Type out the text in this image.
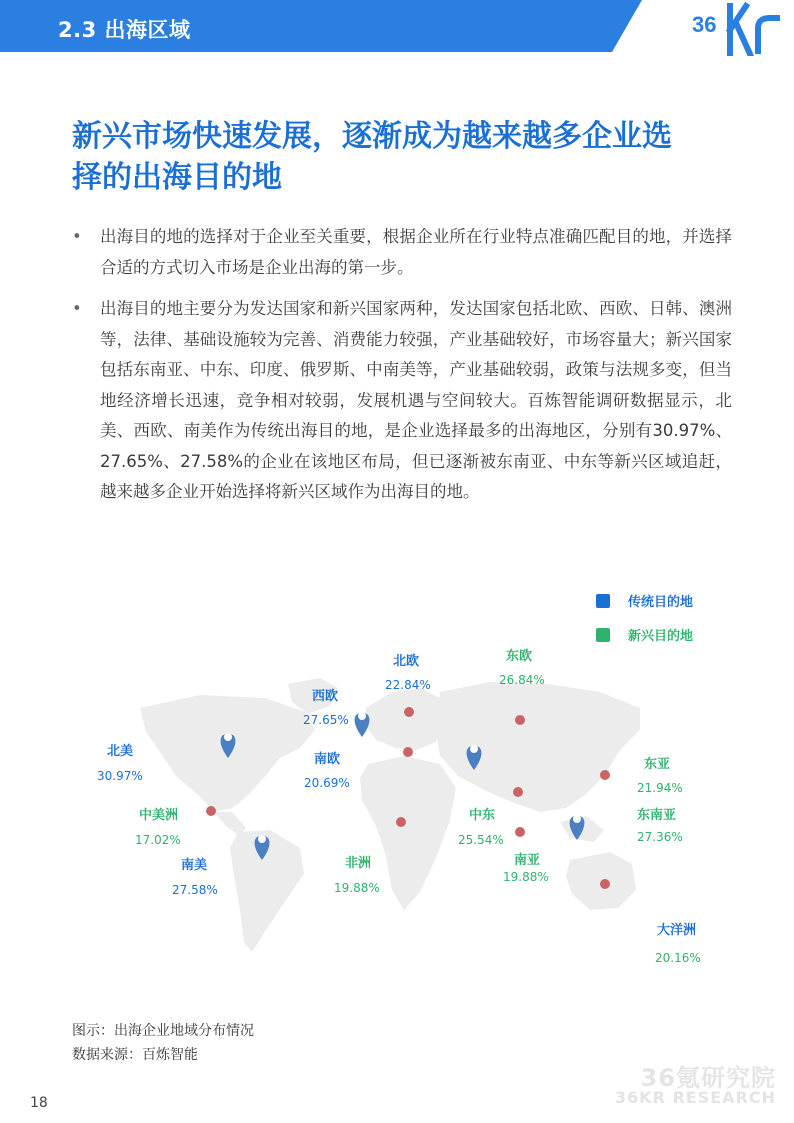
2.3 出海区域	36
新兴市场快速发展，逐渐成为越来越多企业选
择的出海目的地
• 出海目的地的选择对于企业至关重要，根据企业所在行业特点准确匹配目的地，并选择合适的方式切入市场是企业出海的第一步。
• 出海目的地主要分为发达国家和新兴国家两种，发达国家包括北欧、西欧、日韩、澳洲等，法律、基础设施较为完善、消费能力较强，产业基础较好，市场容量大；新兴国家包括东南亚、中东、印度、俄罗斯、中南美等，产业基础较弱，政策与法规多变，但当地经济增长迅速，竞争相对较弱，发展机遇与空间较大。百炼智能调研数据显示，北美、西欧、南美作为传统出海目的地，是企业选择最多的出海地区，分别有30.97%、27.65%、27.58%的企业在该地区布局，但已逐渐被东南亚、中东等新兴区域追赶，越来越多企业开始选择将新兴区域作为出海目的地。
传统目的地
新兴目的地
北欧
22.84%
东欧
26.84%
西欧
27.65%
北美
30.97%
南欧
20.69%
东亚
21.94%
中美洲
17.02%
中东
25.54%
东南亚
27.36%
南美
27.58%
非洲
19.88%
南亚
19.88%
大洋洲
20.16%
图示：出海企业地域分布情况
数据来源：百炼智能
36氪研究院
36KR RESEARCH
18
